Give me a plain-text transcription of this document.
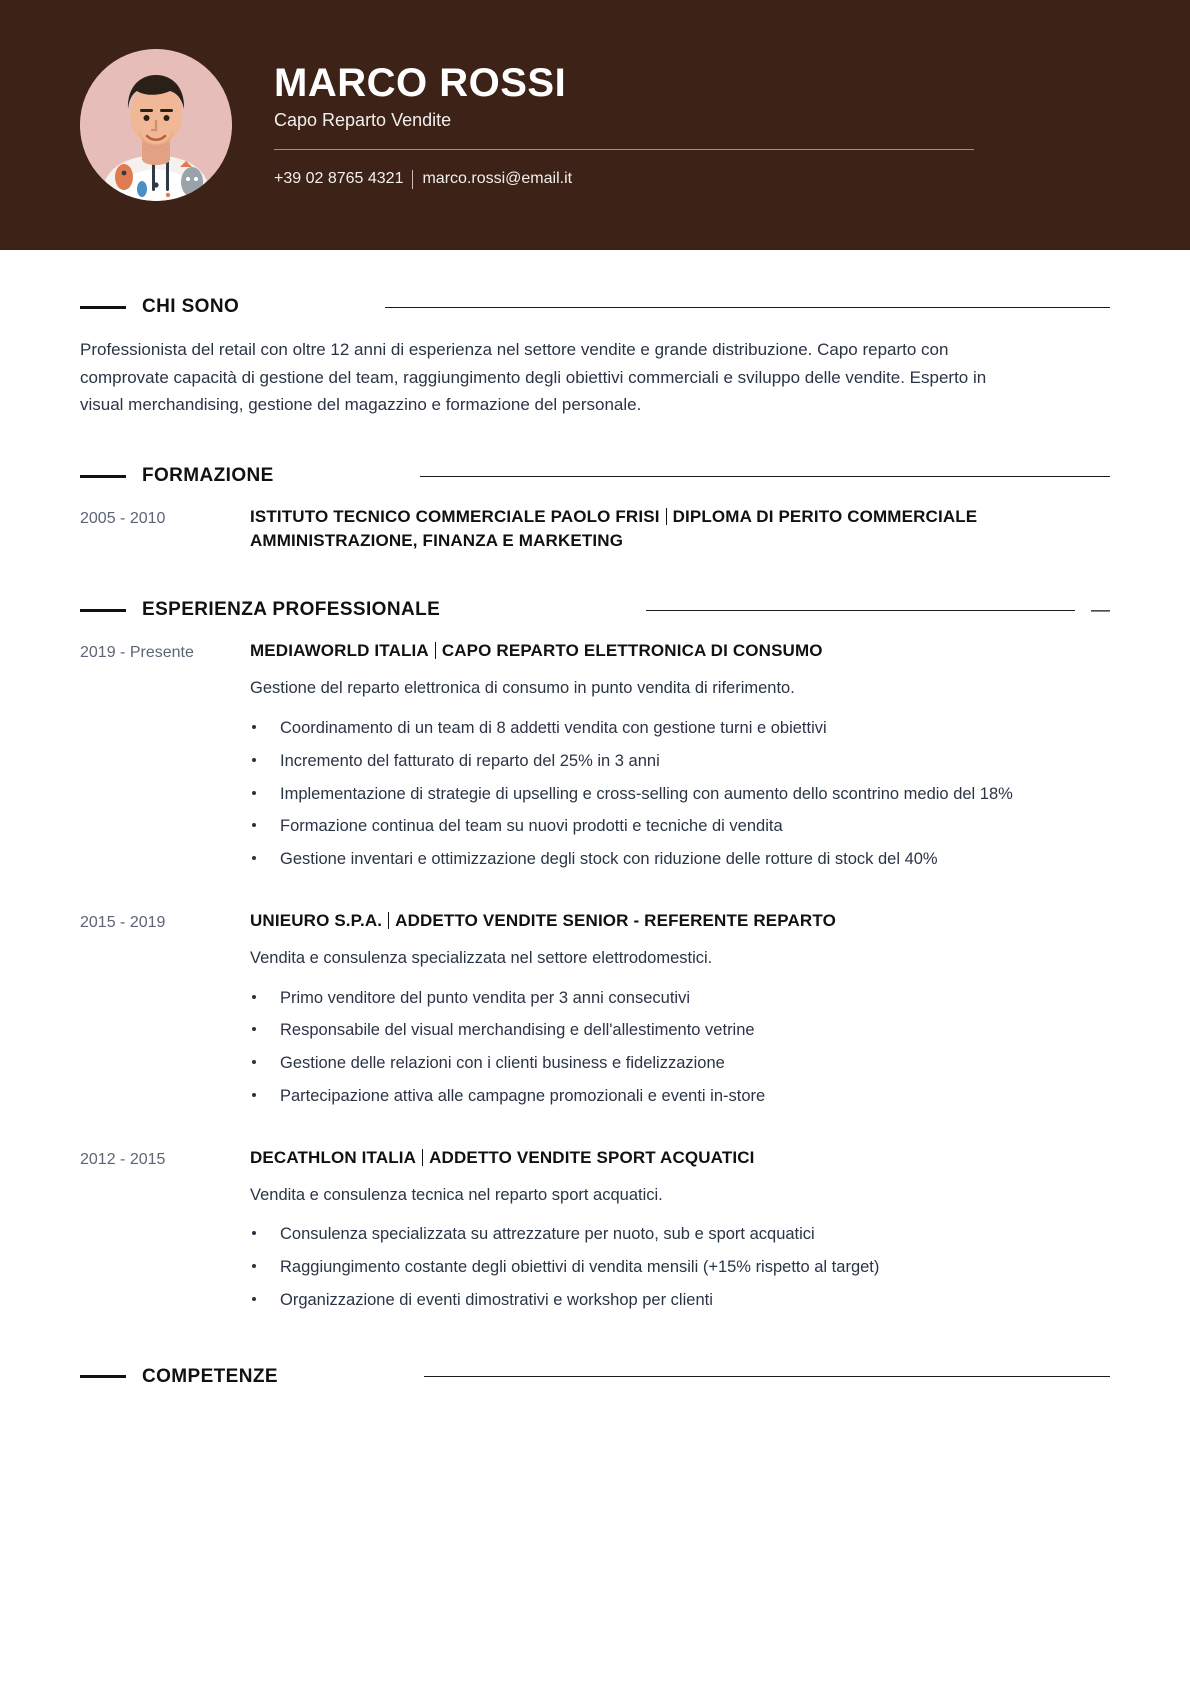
MARCO ROSSI
Capo Reparto Vendite
+39 02 8765 4321 marco.rossi@email.it
CHI SONO

Professionista del retail con oltre 12 anni di esperienza nel settore vendite e grande distribuzione. Capo reparto con comprovate capacità di gestione del team, raggiungimento degli obiettivi commerciali e sviluppo delle vendite. Esperto in visual merchandising, gestione del magazzino e formazione del personale.

FORMAZIONE
2005 - 2010	ISTITUTO TECNICO COMMERCIALE PAOLO FRISI DIPLOMA DI PERITO COMMERCIALE AMMINISTRAZIONE, FINANZA E MARKETING
ESPERIENZA PROFESSIONALE	—
2019 - Presente	MEDIAWORLD ITALIA CAPO REPARTO ELETTRONICA DI CONSUMO

Gestione del reparto elettronica di consumo in punto vendita di riferimento.

Coordinamento di un team di 8 addetti vendita con gestione turni e obiettivi
Incremento del fatturato di reparto del 25% in 3 anni
Implementazione di strategie di upselling e cross-selling con aumento dello scontrino medio del 18%
Formazione continua del team su nuovi prodotti e tecniche di vendita
Gestione inventari e ottimizzazione degli stock con riduzione delle rotture di stock del 40%
2015 - 2019	UNIEURO S.P.A. ADDETTO VENDITE SENIOR - REFERENTE REPARTO

Vendita e consulenza specializzata nel settore elettrodomestici.

Primo venditore del punto vendita per 3 anni consecutivi
Responsabile del visual merchandising e dell'allestimento vetrine
Gestione delle relazioni con i clienti business e fidelizzazione
Partecipazione attiva alle campagne promozionali e eventi in-store
2012 - 2015	DECATHLON ITALIA ADDETTO VENDITE SPORT ACQUATICI

Vendita e consulenza tecnica nel reparto sport acquatici.

Consulenza specializzata su attrezzature per nuoto, sub e sport acquatici
Raggiungimento costante degli obiettivi di vendita mensili (+15% rispetto al target)
Organizzazione di eventi dimostrativi e workshop per clienti
COMPETENZE
